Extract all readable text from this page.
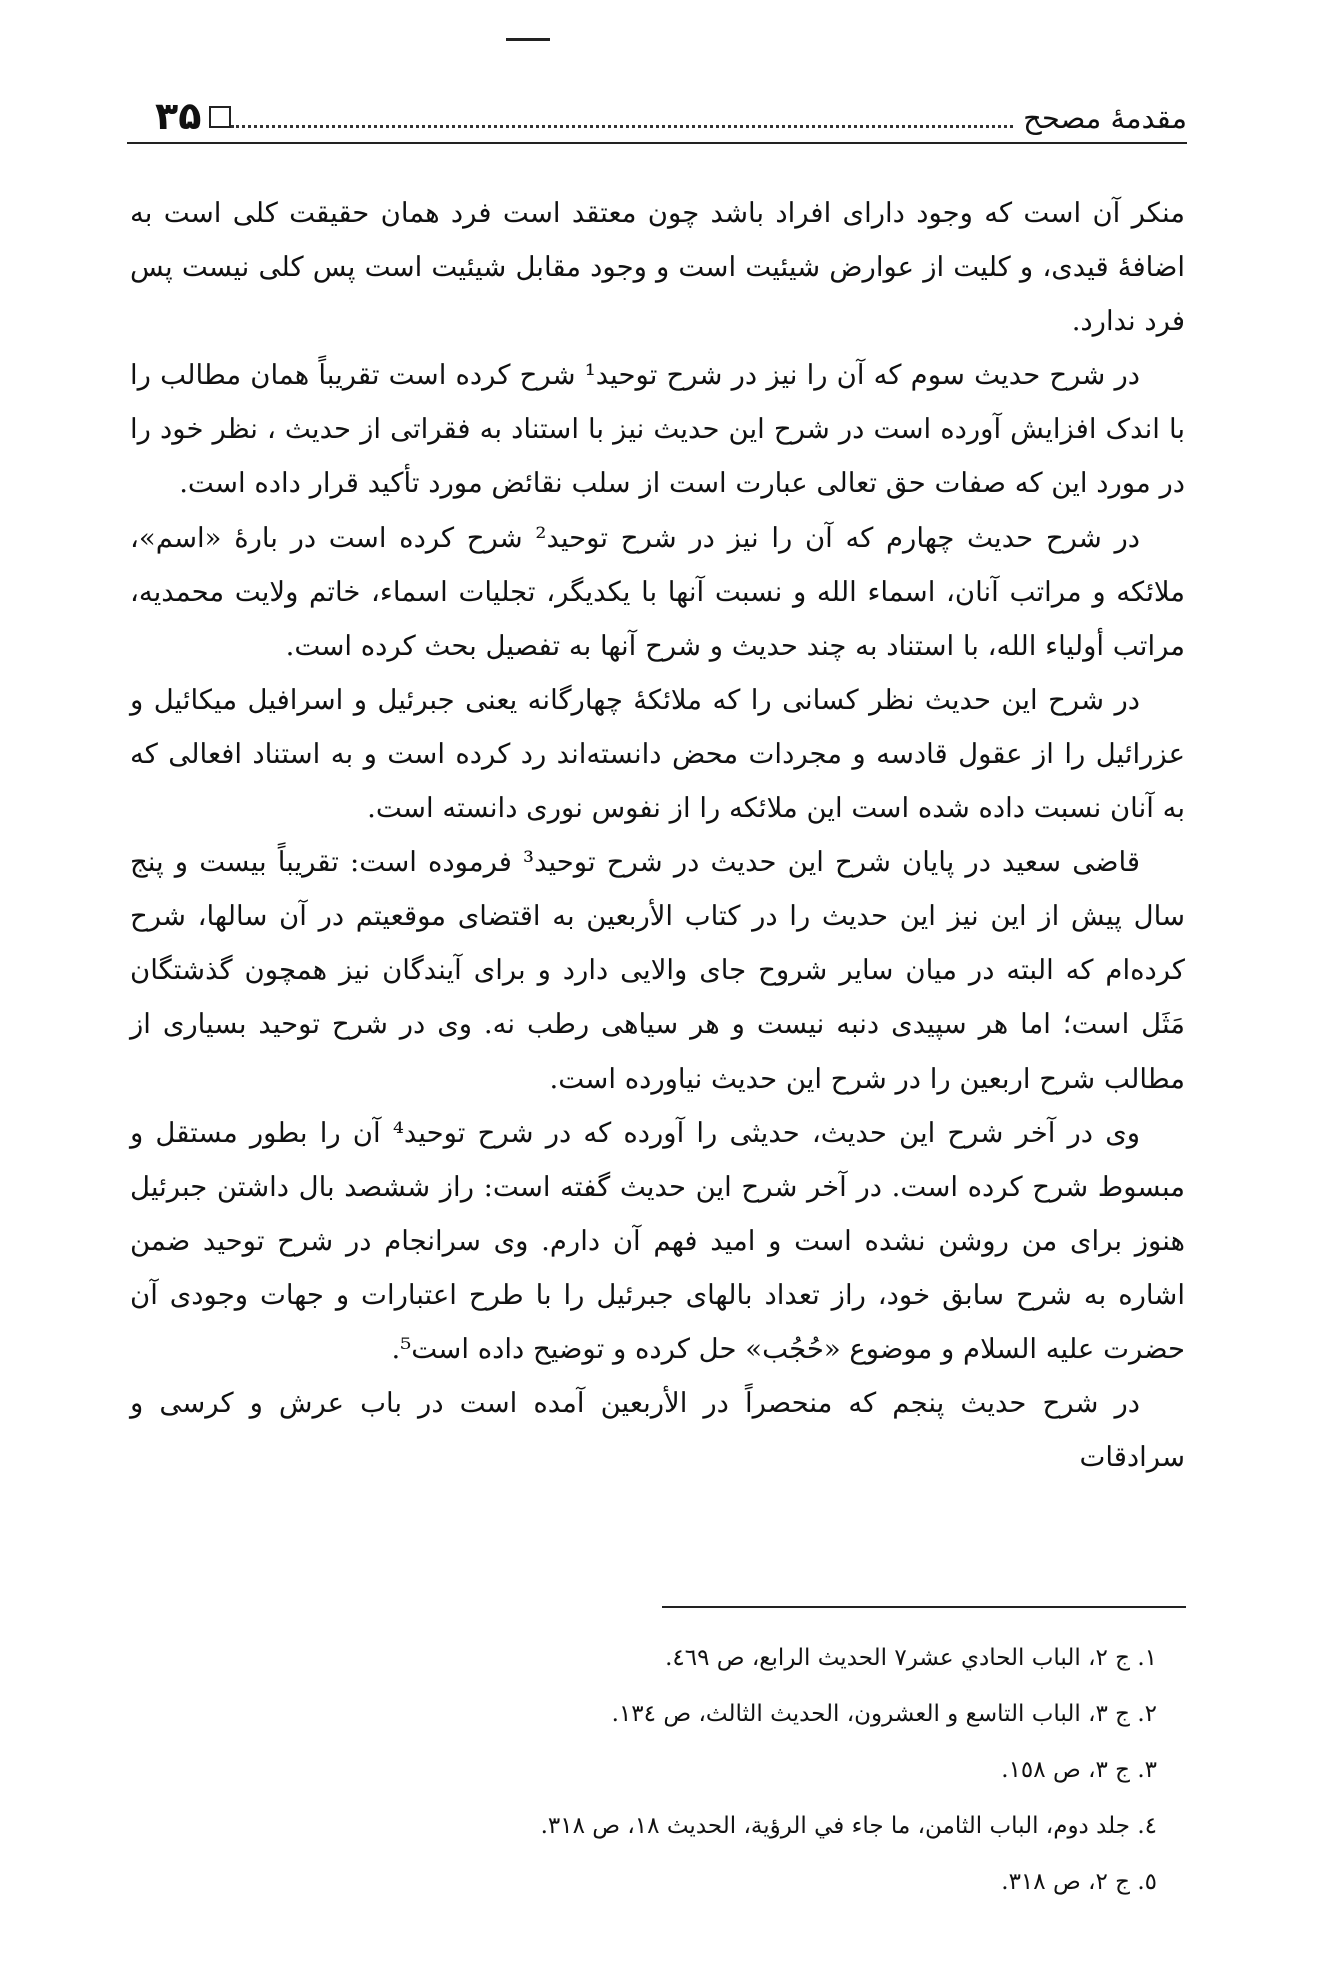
مقدمهٔ مصحح
۳۵

منکر آن است که وجود دارای افراد باشد چون معتقد است فرد همان حقیقت کلی است به اضافهٔ قیدی، و کلیت از عوارض شیئیت است و وجود مقابل شیئیت است پس کلی نیست پس فرد ندارد.

در شرح حدیث سوم که آن را نیز در شرح توحید¹ شرح کرده است تقریباً همان مطالب را با اندک افزایش آورده است در شرح این حدیث نیز با استناد به فقراتی از حدیث ، نظر خود را در مورد این که صفات حق تعالی عبارت است از سلب نقائض مورد تأکید قرار داده است.

در شرح حدیث چهارم که آن را نیز در شرح توحید² شرح کرده است در بارهٔ «اسم»، ملائکه و مراتب آنان، اسماء الله و نسبت آنها با یکدیگر، تجلیات اسماء، خاتم ولایت محمدیه، مراتب أولیاء الله، با استناد به چند حدیث و شرح آنها به تفصیل بحث کرده است.

در شرح این حدیث نظر کسانی را که ملائکهٔ چهارگانه یعنی جبرئیل و اسرافیل میکائیل و عزرائیل را از عقول قادسه و مجردات محض دانسته‌اند رد کرده است و به استناد افعالی که به آنان نسبت داده شده است این ملائکه را از نفوس نوری دانسته است.

قاضی سعید در پایان شرح این حدیث در شرح توحید³ فرموده است: تقریباً بیست و پنج سال پیش از این نیز این حدیث را در کتاب الأربعین به اقتضای موقعیتم در آن سالها، شرح کرده‌ام که البته در میان سایر شروح جای والایی دارد و برای آیندگان نیز همچون گذشتگان مَثَل است؛ اما هر سپیدی دنبه نیست و هر سیاهی رطب نه. وی در شرح توحید بسیاری از مطالب شرح اربعین را در شرح این حدیث نیاورده است.

وی در آخر شرح این حدیث، حدیثی را آورده که در شرح توحید⁴ آن را بطور مستقل و مبسوط شرح کرده است. در آخر شرح این حدیث گفته است: راز ششصد بال داشتن جبرئیل هنوز برای من روشن نشده است و امید فهم آن دارم. وی سرانجام در شرح توحید ضمن اشاره به شرح سابق خود، راز تعداد بالهای جبرئیل را با طرح اعتبارات و جهات وجودی آن حضرت علیه السلام و موضوع «حُجُب» حل کرده و توضیح داده است⁵.

در شرح حدیث پنجم که منحصراً در الأربعین آمده است در باب عرش و کرسی و سرادقات

۱. ج ۲، الباب الحادي عشر۷ الحديث الرابع، ص ٤٦٩.
۲. ج ۳، الباب التاسع و العشرون، الحديث الثالث، ص ١٣٤.
۳. ج ۳، ص ١٥٨.
٤. جلد دوم، الباب الثامن، ما جاء في الرؤية، الحديث ١٨، ص ٣١٨.
٥. ج ۲، ص ٣١٨.
